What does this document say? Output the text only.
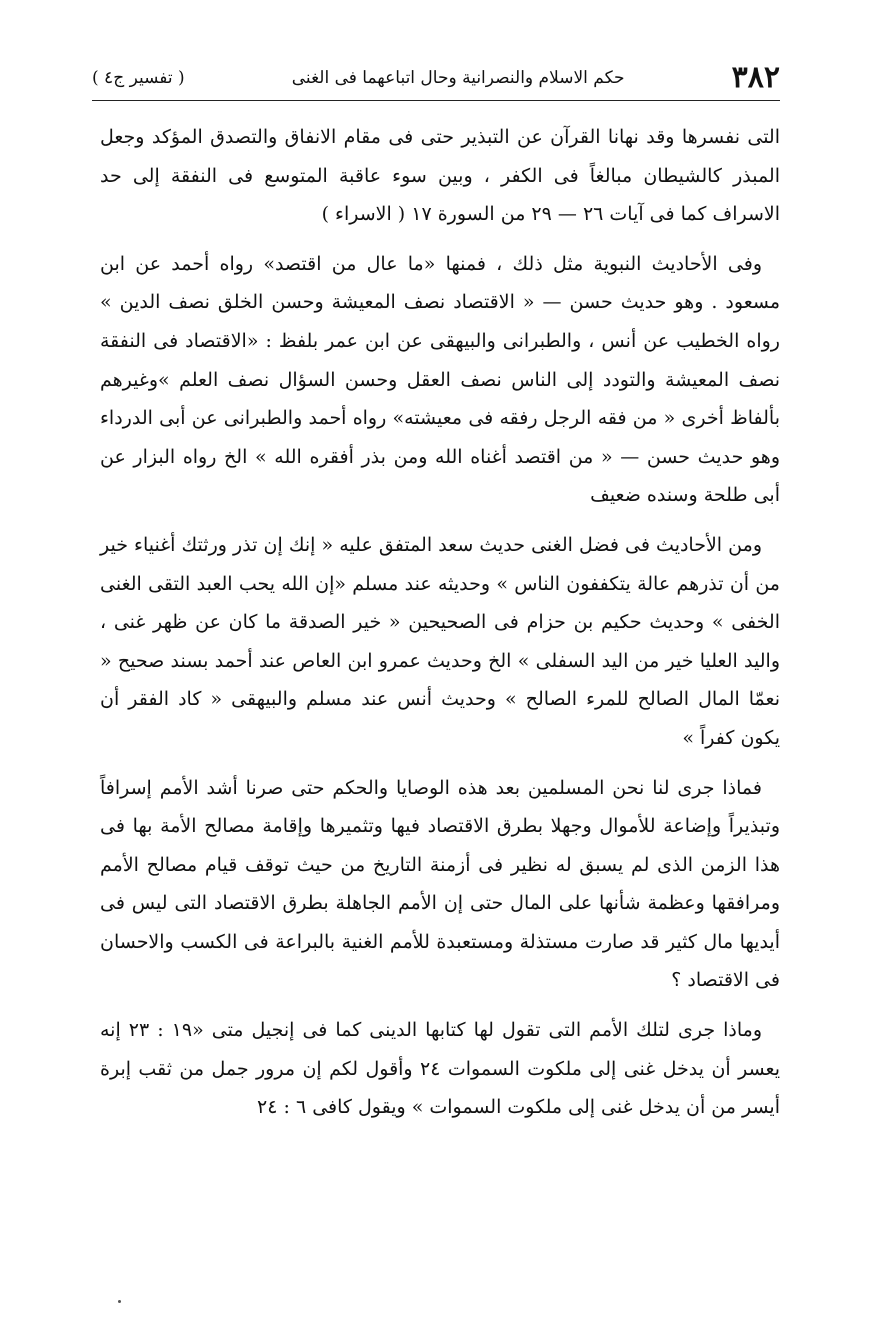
٣٨٢
حكم الاسلام والنصرانية وحال اتباعهما فى الغنى
( تفسير ج٤ )

التى نفسرها وقد نهانا القرآن عن التبذير حتى فى مقام الانفاق والتصدق المؤكد وجعل المبذر كالشيطان مبالغاً فى الكفر ، وبين سوء عاقبة المتوسع فى النفقة إلى حد الاسراف كما فى آيات ٢٦ — ٢٩ من السورة ١٧ ( الاسراء )

وفى الأحاديث النبوية مثل ذلك ، فمنها «ما عال من اقتصد» رواه أحمد عن ابن مسعود . وهو حديث حسن — « الاقتصاد نصف المعيشة وحسن الخلق نصف الدين » رواه الخطيب عن أنس ، والطبرانى والبيهقى عن ابن عمر بلفظ : «الاقتصاد فى النفقة نصف المعيشة والتودد إلى الناس نصف العقل وحسن السؤال نصف العلم »وغيرهم بألفاظ أخرى « من فقه الرجل رفقه فى معيشته» رواه أحمد والطبرانى عن أبى الدرداء وهو حديث حسن — « من اقتصد أغناه الله ومن بذر أفقره الله » الخ رواه البزار عن أبى طلحة وسنده ضعيف

ومن الأحاديث فى فضل الغنى حديث سعد المتفق عليه « إنك إن تذر ورثتك أغنياء خير من أن تذرهم عالة يتكففون الناس » وحديثه عند مسلم «إن الله يحب العبد التقى الغنى الخفى » وحديث حكيم بن حزام فى الصحيحين « خير الصدقة ما كان عن ظهر غنى ، واليد العليا خير من اليد السفلى » الخ وحديث عمرو ابن العاص عند أحمد بسند صحيح « نعمّا المال الصالح للمرء الصالح » وحديث أنس عند مسلم والبيهقى « كاد الفقر أن يكون كفراً »

فماذا جرى لنا نحن المسلمين بعد هذه الوصايا والحكم حتى صرنا أشد الأمم إسرافاً وتبذيراً وإضاعة للأموال وجهلا بطرق الاقتصاد فيها وتثميرها وإقامة مصالح الأمة بها فى هذا الزمن الذى لم يسبق له نظير فى أزمنة التاريخ من حيث توقف قيام مصالح الأمم ومرافقها وعظمة شأنها على المال حتى إن الأمم الجاهلة بطرق الاقتصاد التى ليس فى أيديها مال كثير قد صارت مستذلة ومستعبدة للأمم الغنية بالبراعة فى الكسب والاحسان فى الاقتصاد ؟

وماذا جرى لتلك الأمم التى تقول لها كتابها الدينى كما فى إنجيل متى «١٩ : ٢٣ إنه يعسر أن يدخل غنى إلى ملكوت السموات ٢٤ وأقول لكم إن مرور جمل من ثقب إبرة أيسر من أن يدخل غنى إلى ملكوت السموات » ويقول كافى ٦ : ٢٤
